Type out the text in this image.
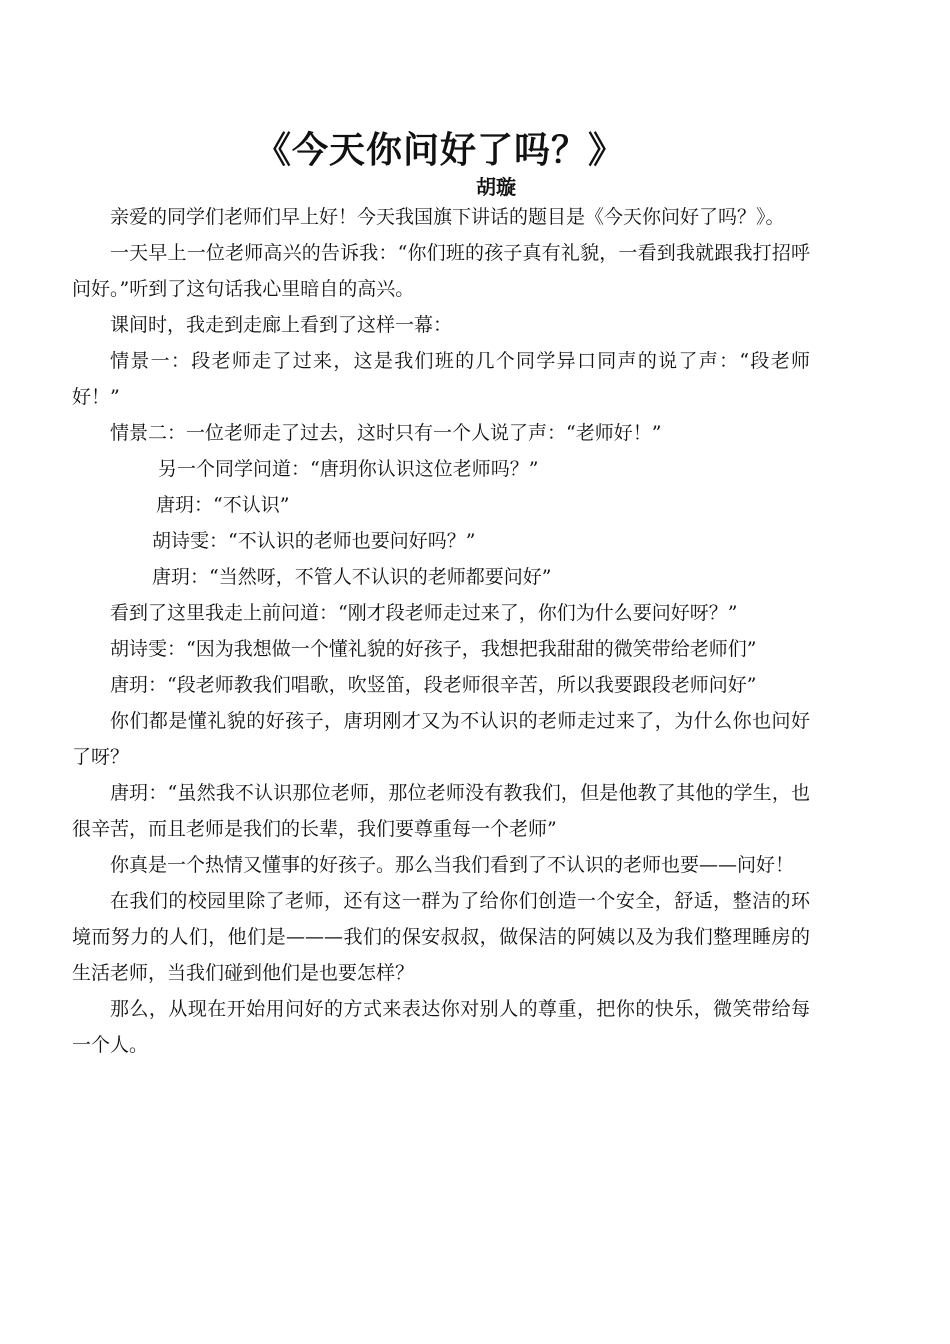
《今天你问好了吗？》
胡璇

亲爱的同学们老师们早上好！今天我国旗下讲话的题目是《今天你问好了吗？》。

一天早上一位老师高兴的告诉我：“你们班的孩子真有礼貌，一看到我就跟我打招呼问好。”听到了这句话我心里暗自的高兴。

课间时，我走到走廊上看到了这样一幕：

情景一：段老师走了过来，这是我们班的几个同学异口同声的说了声：“段老师好！”

情景二：一位老师走了过去，这时只有一个人说了声：“老师好！”

另一个同学问道：“唐玥你认识这位老师吗？”

唐玥：“不认识”

胡诗雯：“不认识的老师也要问好吗？”

唐玥：“当然呀，不管人不认识的老师都要问好”

看到了这里我走上前问道：“刚才段老师走过来了，你们为什么要问好呀？”

胡诗雯：“因为我想做一个懂礼貌的好孩子，我想把我甜甜的微笑带给老师们”

唐玥：“段老师教我们唱歌，吹竖笛，段老师很辛苦，所以我要跟段老师问好”

你们都是懂礼貌的好孩子，唐玥刚才又为不认识的老师走过来了，为什么你也问好了呀？

唐玥：“虽然我不认识那位老师，那位老师没有教我们，但是他教了其他的学生，也很辛苦，而且老师是我们的长辈，我们要尊重每一个老师”

你真是一个热情又懂事的好孩子。那么当我们看到了不认识的老师也要——问好！

在我们的校园里除了老师，还有这一群为了给你们创造一个安全，舒适，整洁的环境而努力的人们，他们是———我们的保安叔叔，做保洁的阿姨以及为我们整理睡房的生活老师，当我们碰到他们是也要怎样？

那么，从现在开始用问好的方式来表达你对别人的尊重，把你的快乐，微笑带给每一个人。
